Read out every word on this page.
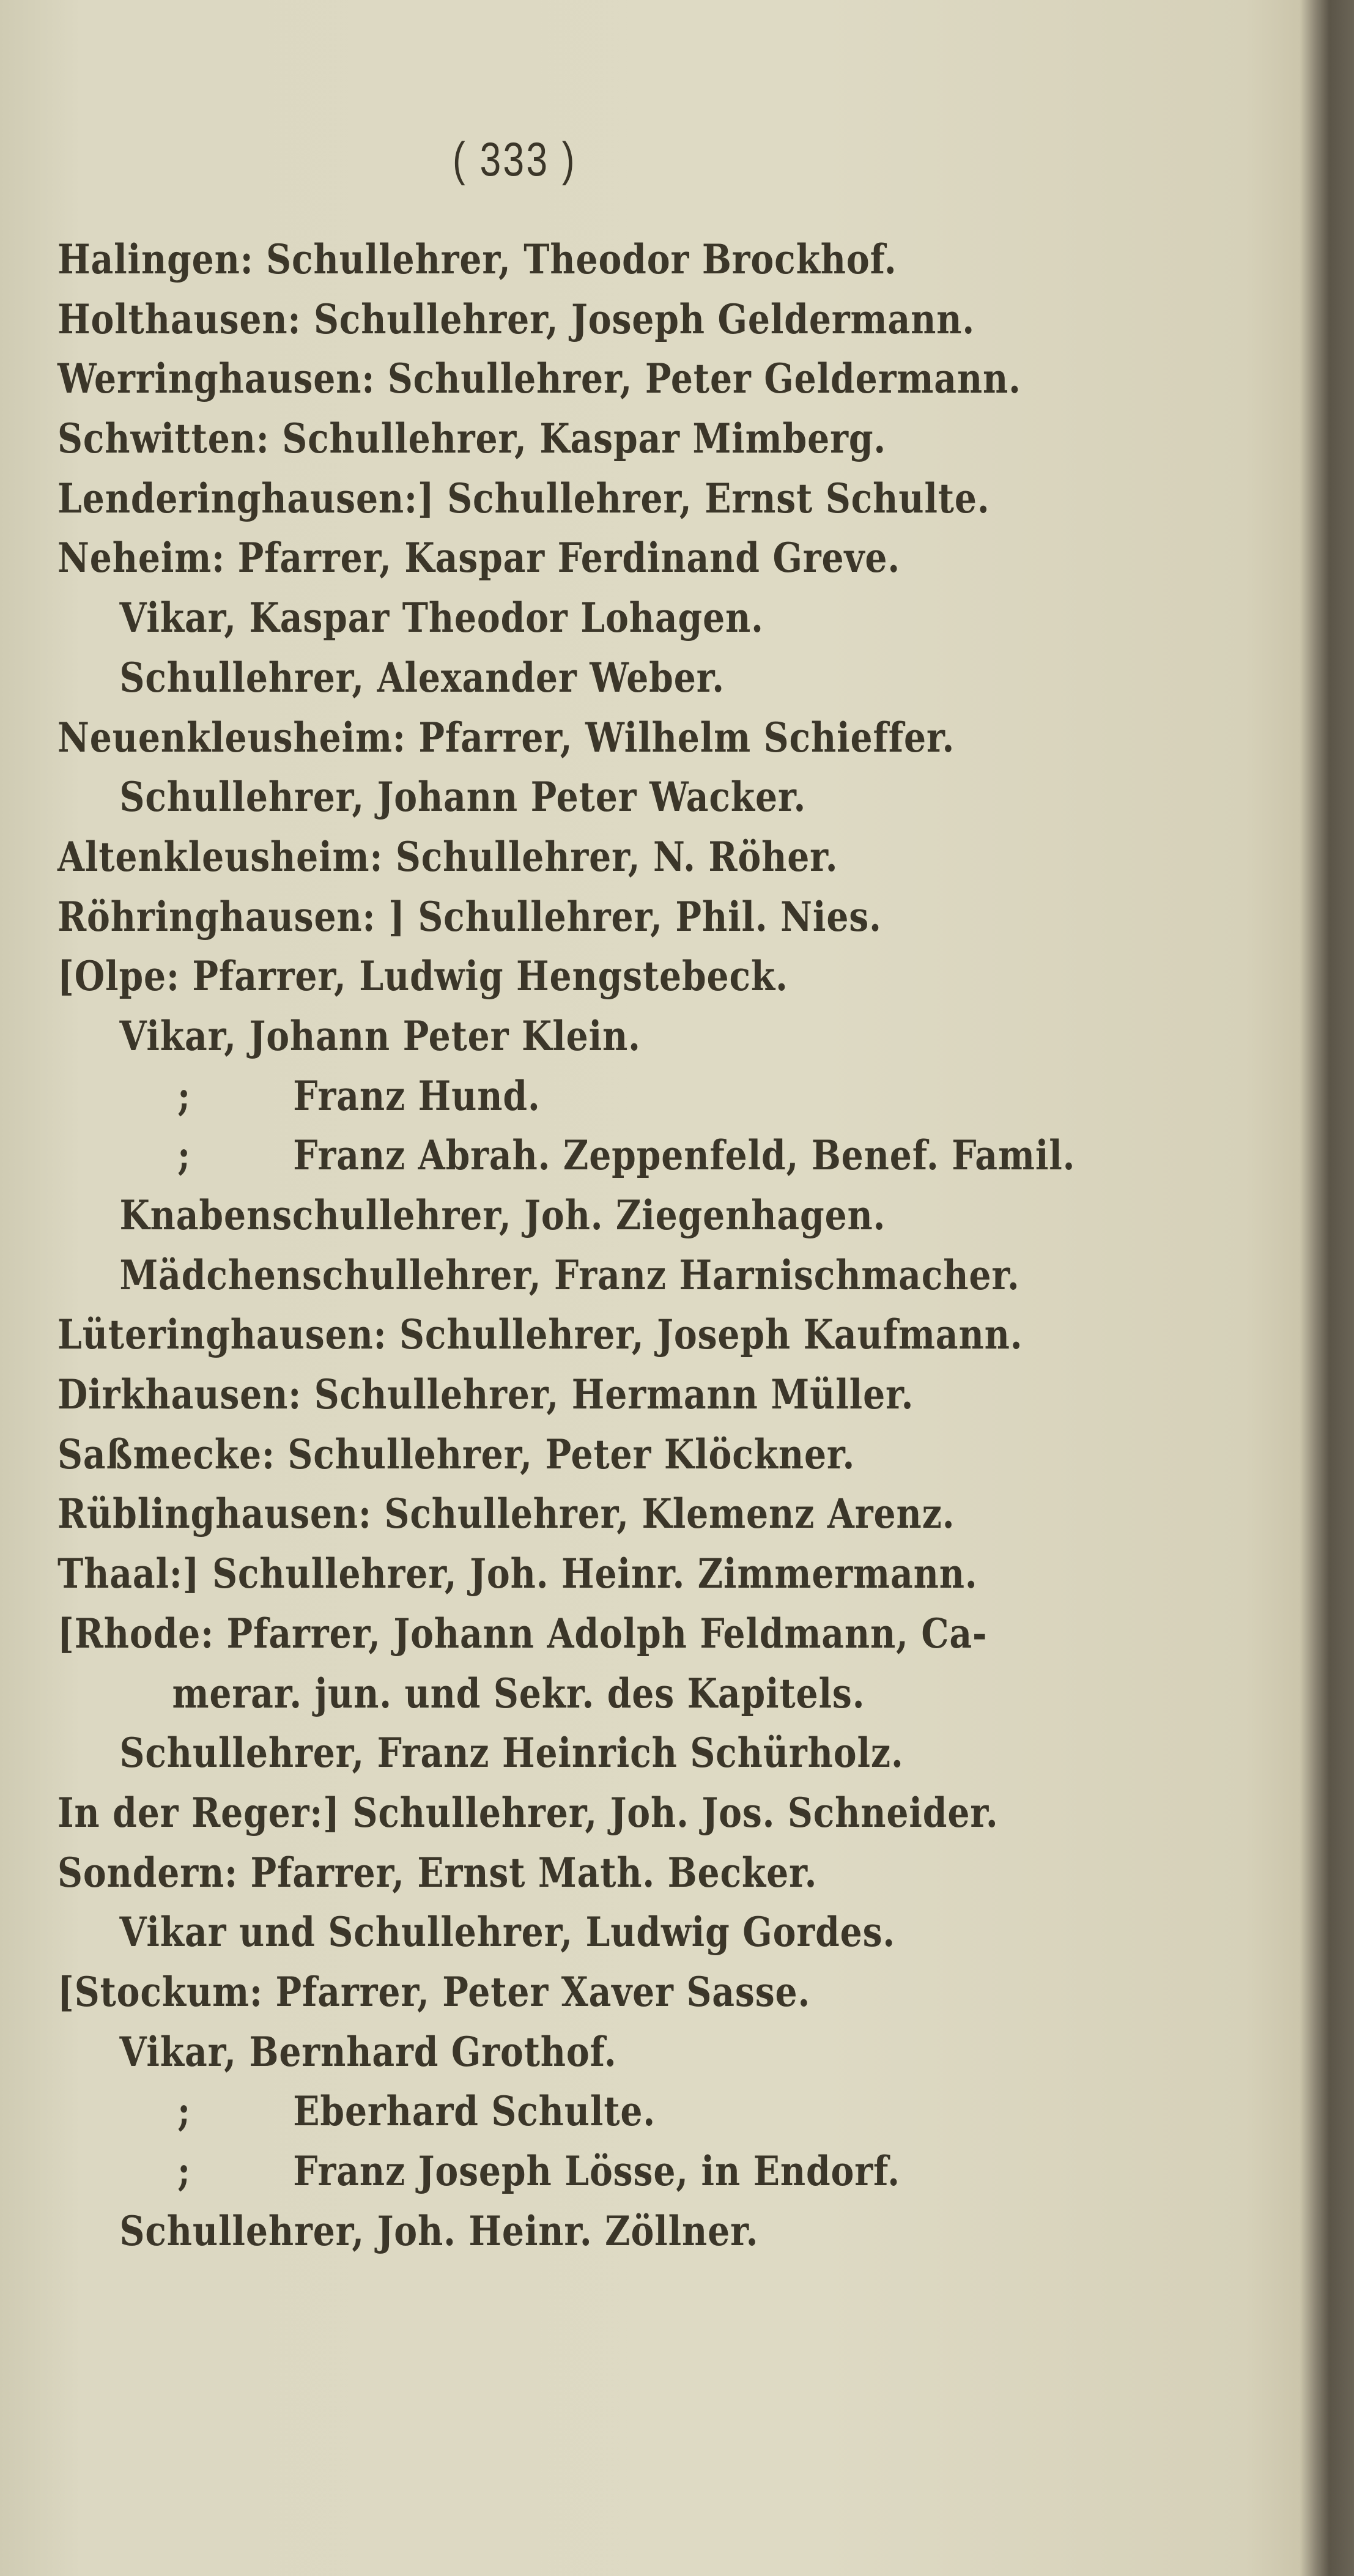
( 333 )
Halingen: Schullehrer, Theodor Brockhof.
Holthausen: Schullehrer, Joseph Geldermann.
Werringhausen: Schullehrer, Peter Geldermann.
Schwitten: Schullehrer, Kaspar Mimberg.
Lenderinghausen:] Schullehrer, Ernst Schulte.
Neheim: Pfarrer, Kaspar Ferdinand Greve.
Vikar, Kaspar Theodor Lohagen.
Schullehrer, Alexander Weber.
Neuenkleusheim: Pfarrer, Wilhelm Schieffer.
Schullehrer, Johann Peter Wacker.
Altenkleusheim: Schullehrer, N. Röher.
Röhringhausen: ] Schullehrer, Phil. Nies.
[Olpe: Pfarrer, Ludwig Hengstebeck.
Vikar, Johann Peter Klein.
;	Franz Hund.
;	Franz Abrah. Zeppenfeld, Benef. Famil.
Knabenschullehrer, Joh. Ziegenhagen.
Mädchenschullehrer, Franz Harnischmacher.
Lüteringhausen: Schullehrer, Joseph Kaufmann.
Dirkhausen: Schullehrer, Hermann Müller.
Saßmecke: Schullehrer, Peter Klöckner.
Rüblinghausen: Schullehrer, Klemenz Arenz.
Thaal:] Schullehrer, Joh. Heinr. Zimmermann.
[Rhode: Pfarrer, Johann Adolph Feldmann, Ca-
merar. jun. und Sekr. des Kapitels.
Schullehrer, Franz Heinrich Schürholz.
In der Reger:] Schullehrer, Joh. Jos. Schneider.
Sondern: Pfarrer, Ernst Math. Becker.
Vikar und Schullehrer, Ludwig Gordes.
[Stockum: Pfarrer, Peter Xaver Sasse.
Vikar, Bernhard Grothof.
;	Eberhard Schulte.
;	Franz Joseph Lösse, in Endorf.
Schullehrer, Joh. Heinr. Zöllner.
